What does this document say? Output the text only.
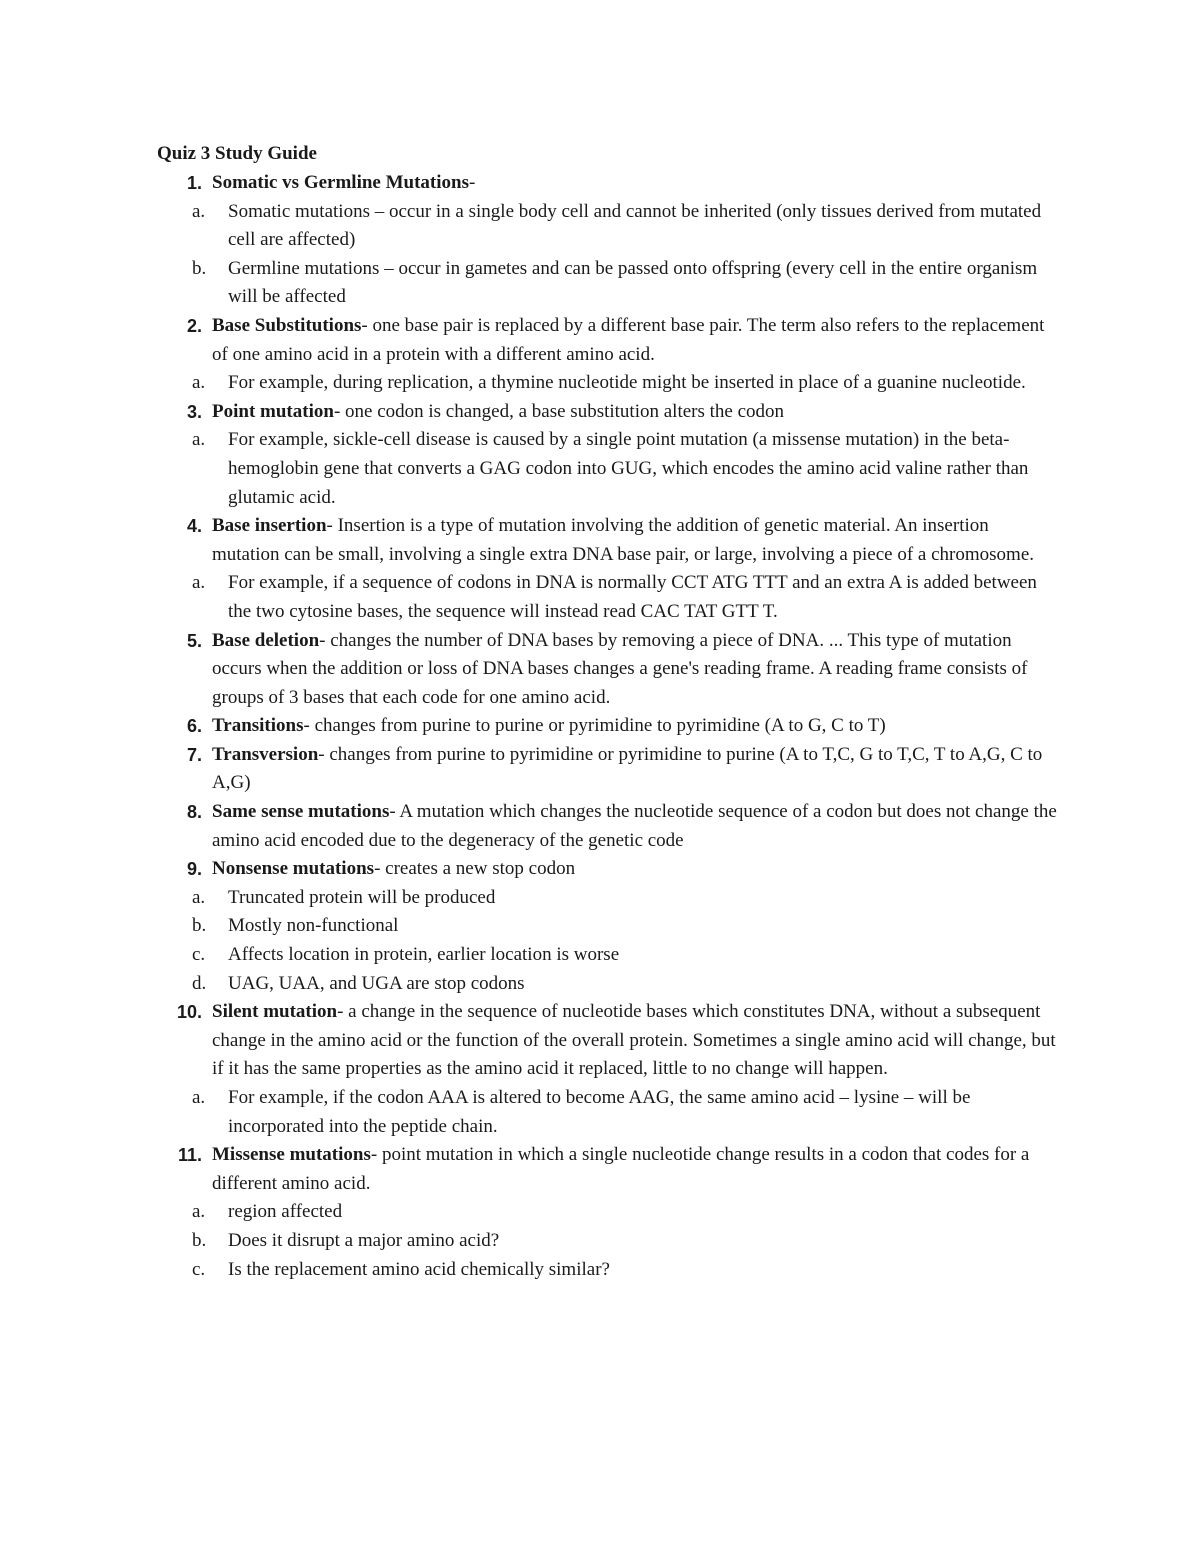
Quiz 3 Study Guide
1. Somatic vs Germline Mutations-
a. Somatic mutations – occur in a single body cell and cannot be inherited (only tissues derived from mutated cell are affected)
b. Germline mutations – occur in gametes and can be passed onto offspring (every cell in the entire organism will be affected
2. Base Substitutions- one base pair is replaced by a different base pair. The term also refers to the replacement of one amino acid in a protein with a different amino acid.
a. For example, during replication, a thymine nucleotide might be inserted in place of a guanine nucleotide.
3. Point mutation- one codon is changed, a base substitution alters the codon
a. For example, sickle-cell disease is caused by a single point mutation (a missense mutation) in the beta-hemoglobin gene that converts a GAG codon into GUG, which encodes the amino acid valine rather than glutamic acid.
4. Base insertion- Insertion is a type of mutation involving the addition of genetic material. An insertion mutation can be small, involving a single extra DNA base pair, or large, involving a piece of a chromosome.
a. For example, if a sequence of codons in DNA is normally CCT ATG TTT and an extra A is added between the two cytosine bases, the sequence will instead read CAC TAT GTT T.
5. Base deletion- changes the number of DNA bases by removing a piece of DNA. ... This type of mutation occurs when the addition or loss of DNA bases changes a gene's reading frame. A reading frame consists of groups of 3 bases that each code for one amino acid.
6. Transitions- changes from purine to purine or pyrimidine to pyrimidine (A to G, C to T)
7. Transversion- changes from purine to pyrimidine or pyrimidine to purine (A to T,C, G to T,C, T to A,G, C to A,G)
8. Same sense mutations- A mutation which changes the nucleotide sequence of a codon but does not change the amino acid encoded due to the degeneracy of the genetic code
9. Nonsense mutations- creates a new stop codon
a. Truncated protein will be produced
b. Mostly non-functional
c. Affects location in protein, earlier location is worse
d. UAG, UAA, and UGA are stop codons
10. Silent mutation- a change in the sequence of nucleotide bases which constitutes DNA, without a subsequent change in the amino acid or the function of the overall protein. Sometimes a single amino acid will change, but if it has the same properties as the amino acid it replaced, little to no change will happen.
a. For example, if the codon AAA is altered to become AAG, the same amino acid – lysine – will be incorporated into the peptide chain.
11. Missense mutations- point mutation in which a single nucleotide change results in a codon that codes for a different amino acid.
a. region affected
b. Does it disrupt a major amino acid?
c. Is the replacement amino acid chemically similar?
